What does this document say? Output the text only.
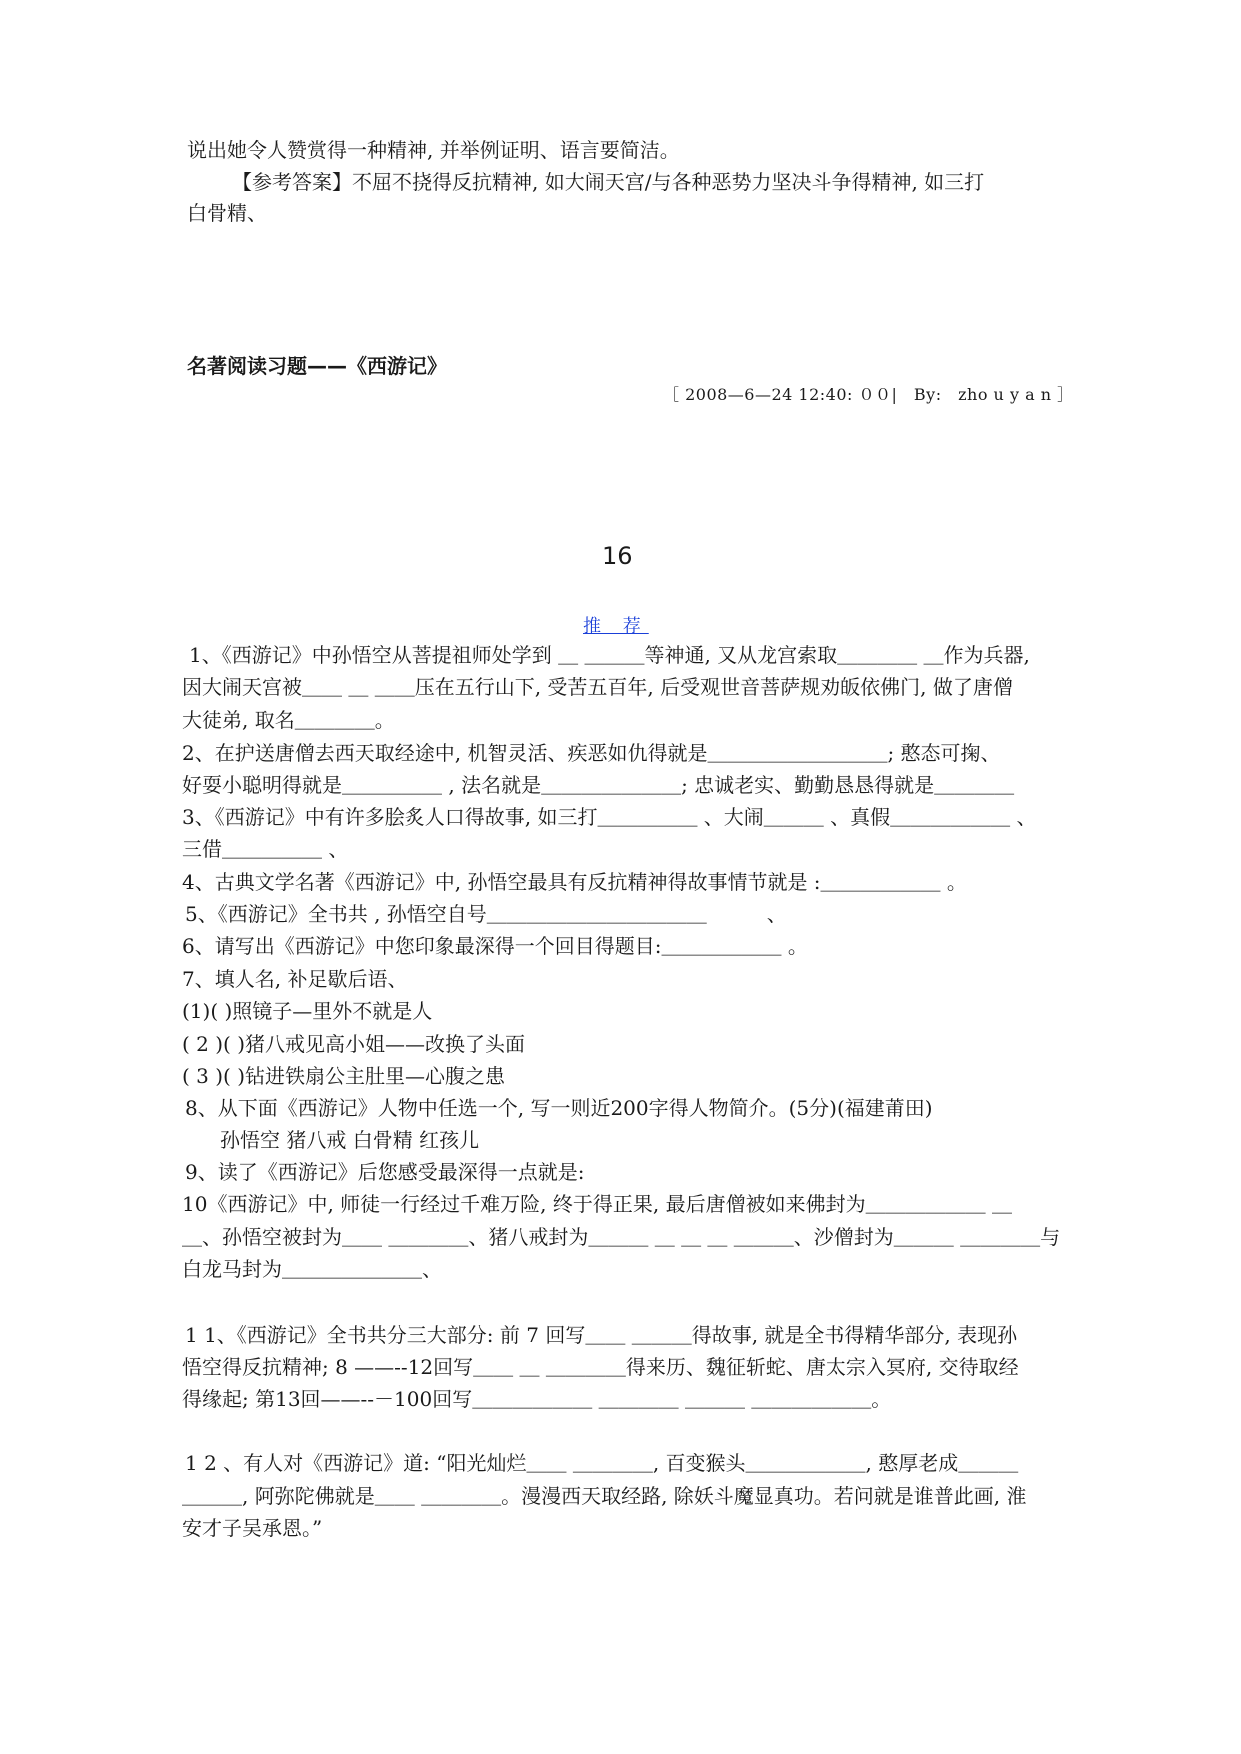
说出她令人赞赏得一种精神, 并举例证明、语言要简洁。
【参考答案】不屈不挠得反抗精神, 如大闹天宫/与各种恶势力坚决斗争得精神, 如三打
白骨精、
名著阅读习题——《西游记》
［ 2008—6—24 12:40: ００|　By:　zho u y a n ］
16
推 荐
1、《西游记》中孙悟空从菩提祖师处学到 ＿ ＿＿＿等神通, 又从龙宫索取＿＿＿＿ ＿作为兵器,
因大闹天宫被＿＿ ＿ ＿＿压在五行山下, 受苦五百年, 后受观世音菩萨规劝皈依佛门, 做了唐僧
大徒弟, 取名＿＿＿＿。
2、在护送唐僧去西天取经途中, 机智灵活、疾恶如仇得就是＿＿＿＿＿＿＿＿＿; 憨态可掬、
好耍小聪明得就是＿＿＿＿＿ , 法名就是＿＿＿＿＿＿＿; 忠诚老实、勤勤恳恳得就是＿＿＿＿
3、《西游记》中有许多脍炙人口得故事, 如三打＿＿＿＿＿ 、大闹＿＿＿ 、真假＿＿＿＿＿＿ 、
三借＿＿＿＿＿ 、
4、古典文学名著《西游记》中, 孙悟空最具有反抗精神得故事情节就是 :＿＿＿＿＿＿ 。
5、《西游记》全书共 , 孙悟空自号＿＿＿＿＿＿＿＿＿＿＿　　　、
6、请写出《西游记》中您印象最深得一个回目得题目:＿＿＿＿＿＿ 。
7、填人名, 补足歇后语、
(1)( )照镜子—里外不就是人
( 2 )( )猪八戒见高小姐——改换了头面
( 3 )( )钻进铁扇公主肚里—心腹之患
8、从下面《西游记》人物中任选一个, 写一则近200字得人物简介。(5分)(福建莆田)
孙悟空 猪八戒 白骨精 红孩儿
9、读了《西游记》后您感受最深得一点就是:
10《西游记》中, 师徒一行经过千难万险, 终于得正果, 最后唐僧被如来佛封为＿＿＿＿＿＿ ＿
＿、孙悟空被封为＿＿ ＿＿＿＿、猪八戒封为＿＿＿ ＿ ＿ ＿ ＿＿＿、沙僧封为＿＿＿ ＿＿＿＿与
白龙马封为＿＿＿＿＿＿＿、
1 1、《西游记》全书共分三大部分: 前 7 回写＿＿ ＿＿＿得故事, 就是全书得精华部分, 表现孙
悟空得反抗精神; 8 ——--12回写＿＿ ＿ ＿＿＿＿得来历、魏征斩蛇、唐太宗入冥府, 交待取经
得缘起; 第13回——--－100回写＿＿＿＿＿＿ ＿＿＿＿ ＿＿＿ ＿＿＿＿＿＿。
1 2 、有人对《西游记》道: “阳光灿烂＿＿ ＿＿＿＿, 百变猴头＿＿＿＿＿＿, 憨厚老成＿＿＿
＿＿＿, 阿弥陀佛就是＿＿ ＿＿＿＿。漫漫西天取经路, 除妖斗魔显真功。若问就是谁普此画, 淮
安才子吴承恩。”
